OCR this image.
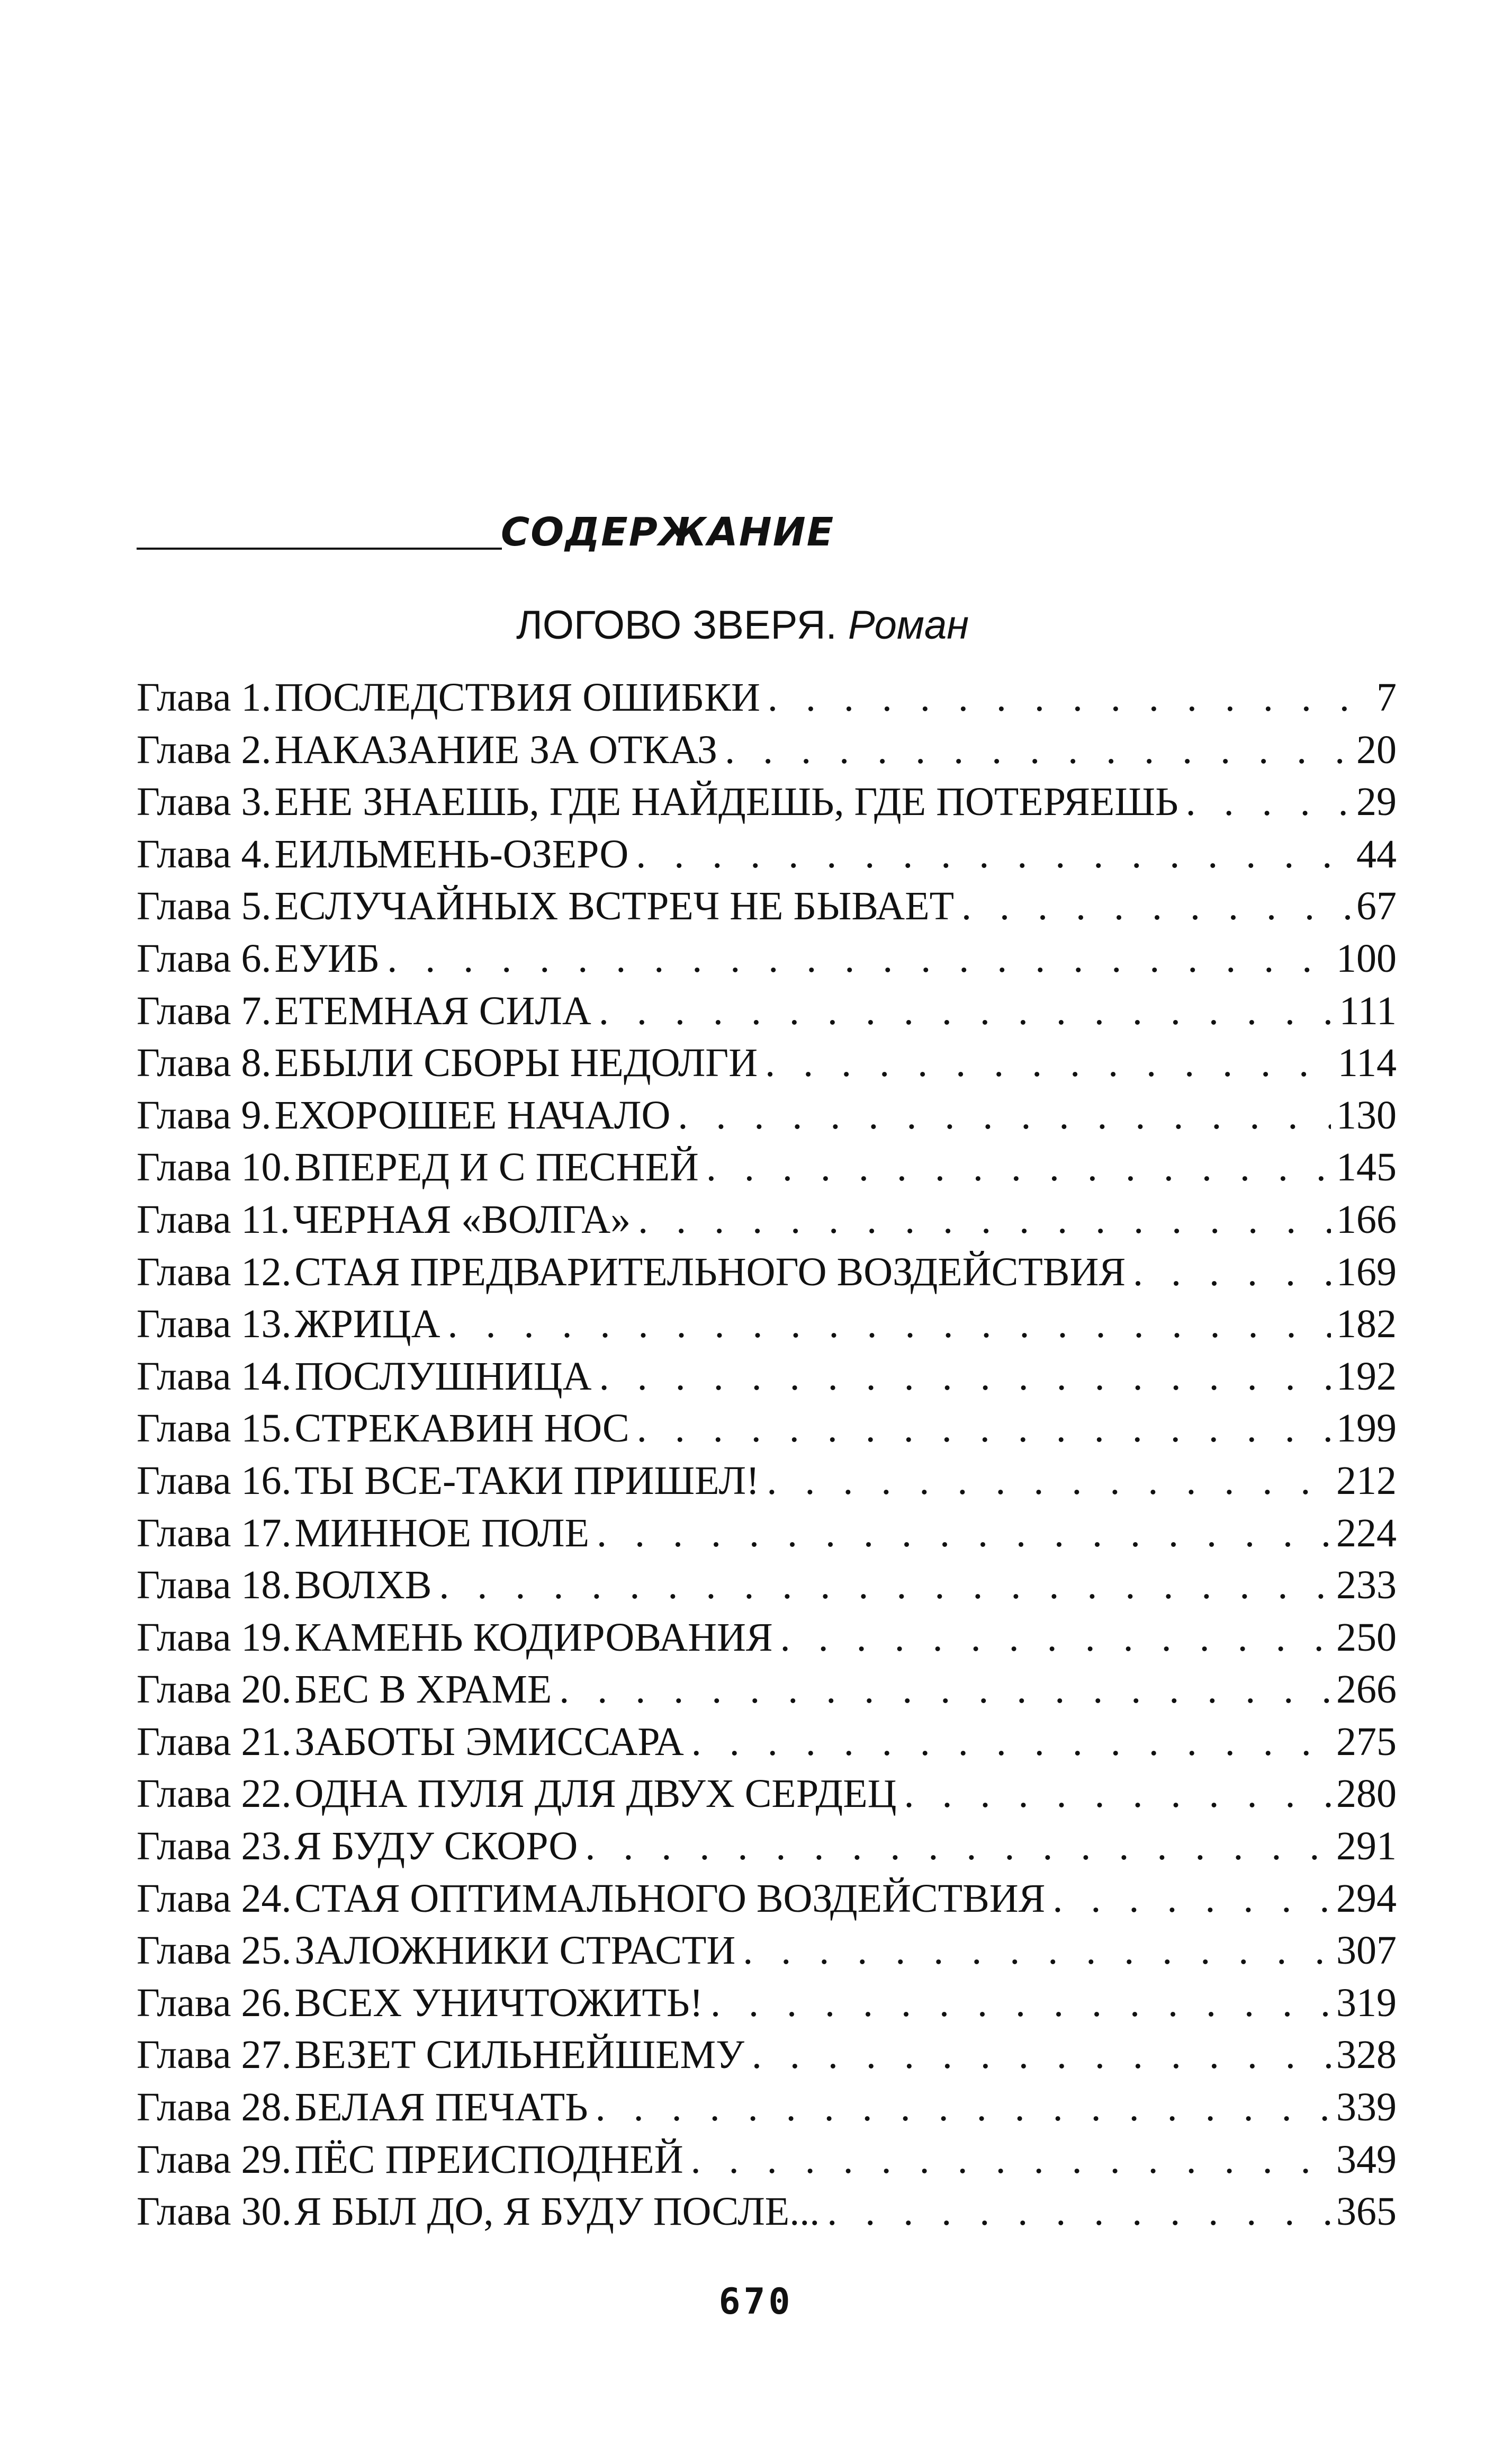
СОДЕРЖАНИЕ
ЛОГОВО ЗВЕРЯ. Роман
Глава 1. ПОСЛЕДСТВИЯ ОШИБКИ . . .	7
Глава 2. НАКАЗАНИЕ ЗА ОТКАЗ . . .	20
Глава 3. ЕНЕ ЗНАЕШЬ, ГДЕ НАЙДЕШЬ, ГДЕ ПОТЕРЯЕШЬ . . .	29
Глава 4. ЕИЛЬМЕНЬ-ОЗЕРО . . .	44
Глава 5. ЕСЛУЧАЙНЫХ ВСТРЕЧ НЕ БЫВАЕТ . . .	67
Глава 6. ЕУИБ . . .	100
Глава 7. ЕТЕМНАЯ СИЛА . . .	111
Глава 8. ЕБЫЛИ СБОРЫ НЕДОЛГИ . . .	114
Глава 9. ЕХОРОШЕЕ НАЧАЛО . . .	130
Глава 10. ВПЕРЕД И С ПЕСНЕЙ . . .	145
Глава 11. ЧЕРНАЯ «ВОЛГА» . . .	166
Глава 12. СТАЯ ПРЕДВАРИТЕЛЬНОГО ВОЗДЕЙСТВИЯ . . .	169
Глава 13. ЖРИЦА . . .	182
Глава 14. ПОСЛУШНИЦА . . .	192
Глава 15. СТРЕКАВИН НОС . . .	199
Глава 16. ТЫ ВСЕ-ТАКИ ПРИШЕЛ! . . .	212
Глава 17. МИННОЕ ПОЛЕ . . .	224
Глава 18. ВОЛХВ . . .	233
Глава 19. КАМЕНЬ КОДИРОВАНИЯ . . .	250
Глава 20. БЕС В ХРАМЕ . . .	266
Глава 21. ЗАБОТЫ ЭМИССАРА . . .	275
Глава 22. ОДНА ПУЛЯ ДЛЯ ДВУХ СЕРДЕЦ . . .	280
Глава 23. Я БУДУ СКОРО . . .	291
Глава 24. СТАЯ ОПТИМАЛЬНОГО ВОЗДЕЙСТВИЯ . . .	294
Глава 25. ЗАЛОЖНИКИ СТРАСТИ . . .	307
Глава 26. ВСЕХ УНИЧТОЖИТЬ! . . .	319
Глава 27. ВЕЗЕТ СИЛЬНЕЙШЕМУ . . .	328
Глава 28. БЕЛАЯ ПЕЧАТЬ . . .	339
Глава 29. ПЁС ПРЕИСПОДНЕЙ . . .	349
Глава 30. Я БЫЛ ДО, Я БУДУ ПОСЛЕ... . . .	365
670
